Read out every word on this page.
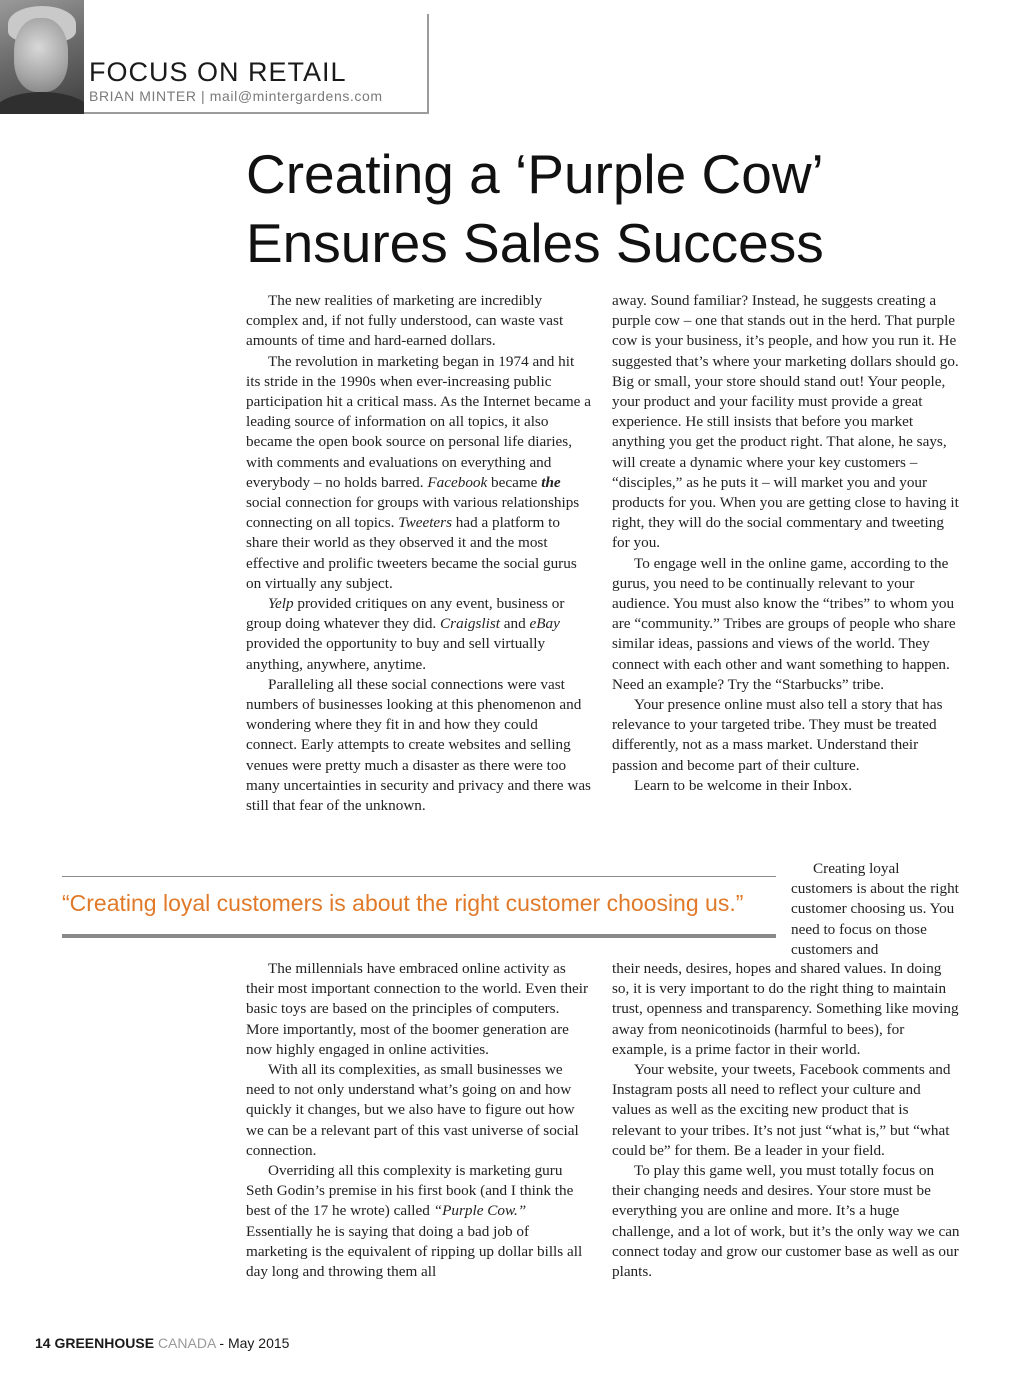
FOCUS ON RETAIL
BRIAN MINTER | mail@mintergardens.com
Creating a ‘Purple Cow’
Ensures Sales Success

The new realities of marketing are incredibly complex and, if not fully understood, can waste vast amounts of time and hard-earned dollars.

The revolution in marketing began in 1974 and hit its stride in the 1990s when ever-increasing public participation hit a critical mass. As the Internet became a leading source of information on all topics, it also became the open book source on personal life diaries, with comments and evaluations on everything and everybody – no holds barred. Facebook became the social connection for groups with various relationships connecting on all topics. Tweeters had a platform to share their world as they observed it and the most effective and prolific tweeters became the social gurus on virtually any subject.

Yelp provided critiques on any event, business or group doing whatever they did. Craigslist and eBay provided the opportunity to buy and sell virtually anything, anywhere, anytime.

Paralleling all these social connections were vast numbers of businesses looking at this phenomenon and wondering where they fit in and how they could connect. Early attempts to create websites and selling venues were pretty much a disaster as there were too many uncertainties in security and privacy and there was still that fear of the unknown.

away. Sound familiar? Instead, he suggests creating a purple cow – one that stands out in the herd. That purple cow is your business, it’s people, and how you run it. He suggested that’s where your marketing dollars should go. Big or small, your store should stand out! Your people, your product and your facility must provide a great experience. He still insists that before you market anything you get the product right. That alone, he says, will create a dynamic where your key customers – “disciples,” as he puts it – will market you and your products for you. When you are getting close to having it right, they will do the social commentary and tweeting for you.

To engage well in the online game, according to the gurus, you need to be continually relevant to your audience. You must also know the “tribes” to whom you are “community.” Tribes are groups of people who share similar ideas, passions and views of the world. They connect with each other and want something to happen. Need an example? Try the “Starbucks” tribe.

Your presence online must also tell a story that has relevance to your targeted tribe. They must be treated differently, not as a mass market. Understand their passion and become part of their culture.

Learn to be welcome in their Inbox.

“Creating loyal customers is about the right customer choosing us.”

Creating loyal customers is about the right customer choosing us. You need to focus on those customers and

The millennials have embraced online activity as their most important connection to the world. Even their basic toys are based on the principles of computers. More importantly, most of the boomer generation are now highly engaged in online activities.

With all its complexities, as small businesses we need to not only understand what’s going on and how quickly it changes, but we also have to figure out how we can be a relevant part of this vast universe of social connection.

Overriding all this complexity is marketing guru Seth Godin’s premise in his first book (and I think the best of the 17 he wrote) called “Purple Cow.” Essentially he is saying that doing a bad job of marketing is the equivalent of ripping up dollar bills all day long and throwing them all

their needs, desires, hopes and shared values. In doing so, it is very important to do the right thing to maintain trust, openness and transparency. Something like moving away from neonicotinoids (harmful to bees), for example, is a prime factor in their world.

Your website, your tweets, Facebook comments and Instagram posts all need to reflect your culture and values as well as the exciting new product that is relevant to your tribes. It’s not just “what is,” but “what could be” for them. Be a leader in your field.

To play this game well, you must totally focus on their changing needs and desires. Your store must be everything you are online and more. It’s a huge challenge, and a lot of work, but it’s the only way we can connect today and grow our customer base as well as our plants.

14 GREENHOUSE CANADA - May 2015
